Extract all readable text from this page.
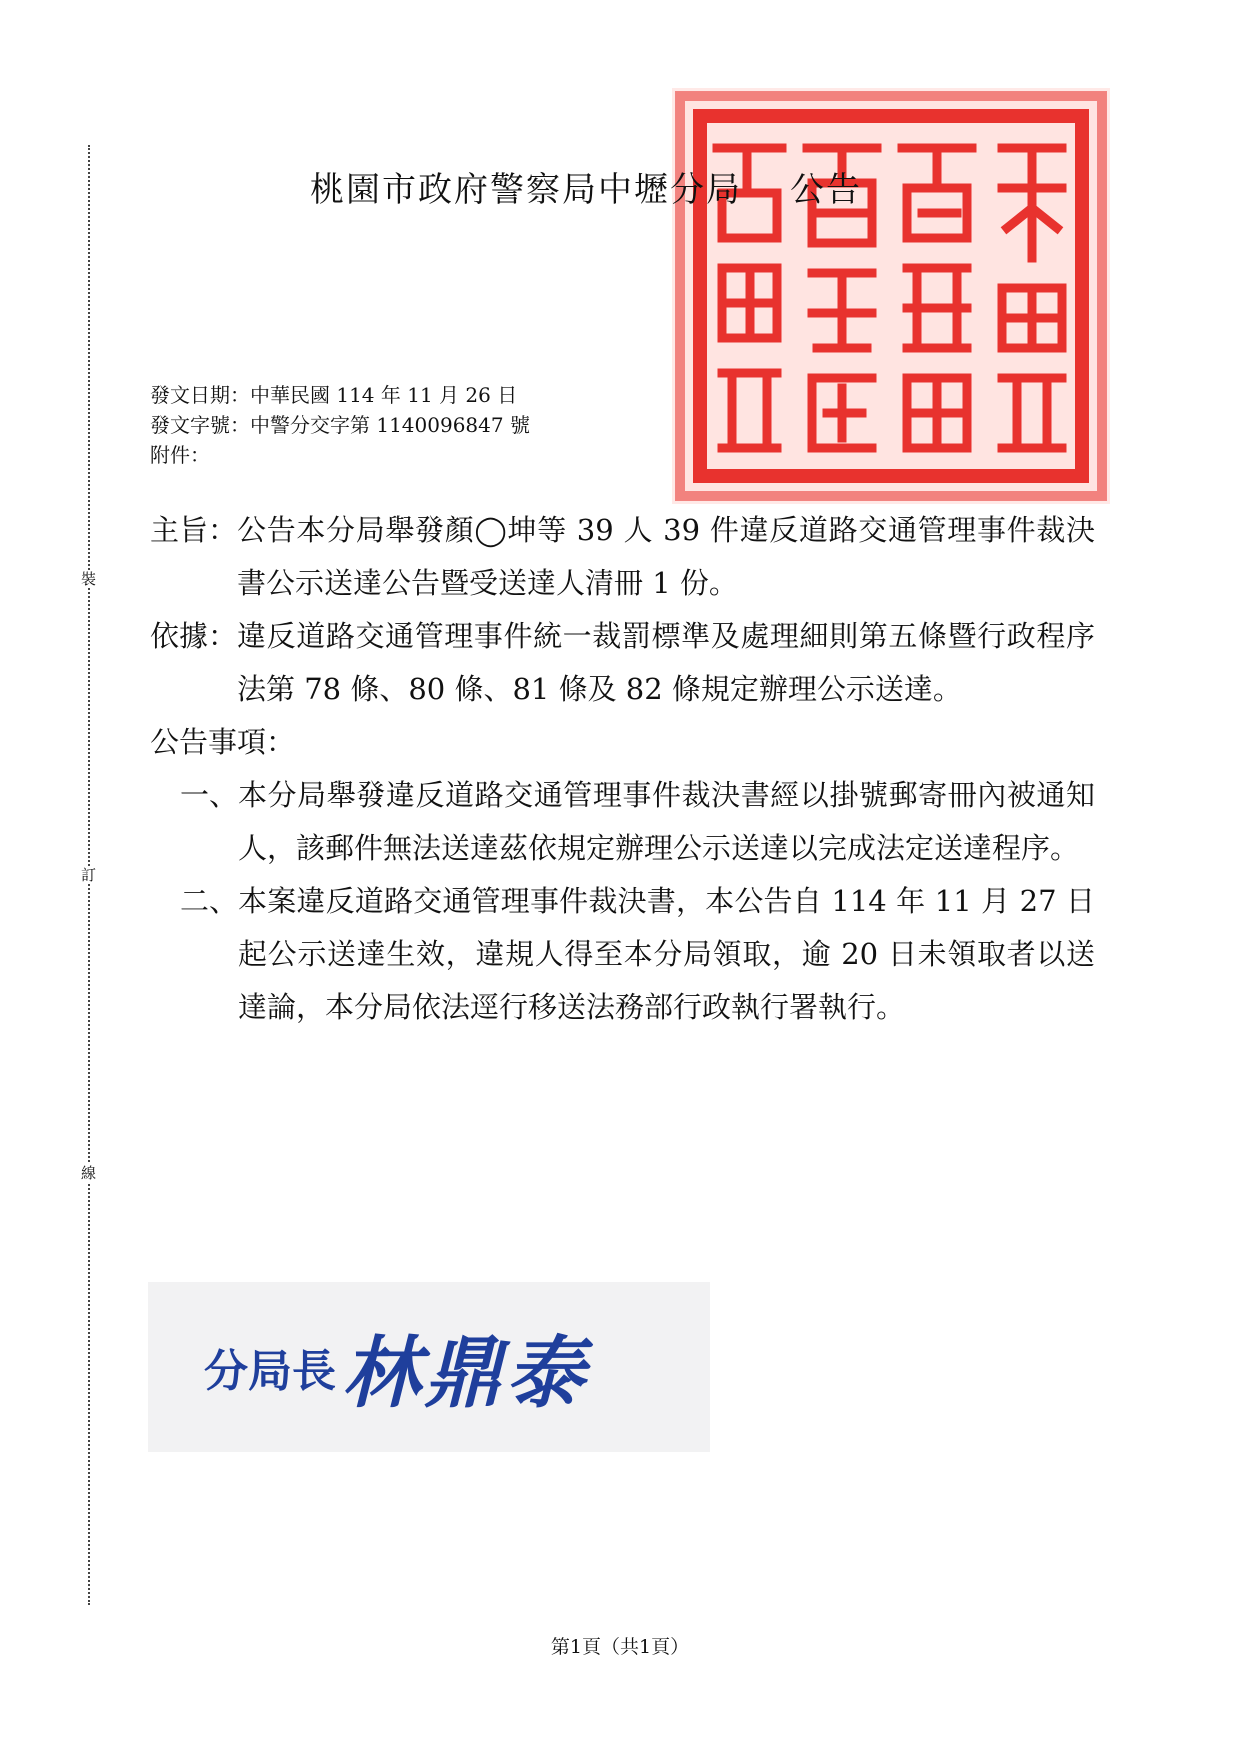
裝
訂
線
桃園市政府警察局中壢分局 公告
發文日期：中華民國 114 年 11 月 26 日
發文字號：中警分交字第 1140096847 號
附件：
主旨： 公告本分局舉發顏◯坤等 39 人 39 件違反道路交通管理事件裁決書公示送達公告暨受送達人清冊 1 份。
依據： 違反道路交通管理事件統一裁罰標準及處理細則第五條暨行政程序法第 78 條、80 條、81 條及 82 條規定辦理公示送達。
公告事項：
一、 本分局舉發違反道路交通管理事件裁決書經以掛號郵寄冊內被通知人，該郵件無法送達茲依規定辦理公示送達以完成法定送達程序。
二、 本案違反道路交通管理事件裁決書，本公告自 114 年 11 月 27 日起公示送達生效，違規人得至本分局領取，逾 20 日未領取者以送達論，本分局依法逕行移送法務部行政執行署執行。
分局長 林鼎泰
第1頁（共1頁）
